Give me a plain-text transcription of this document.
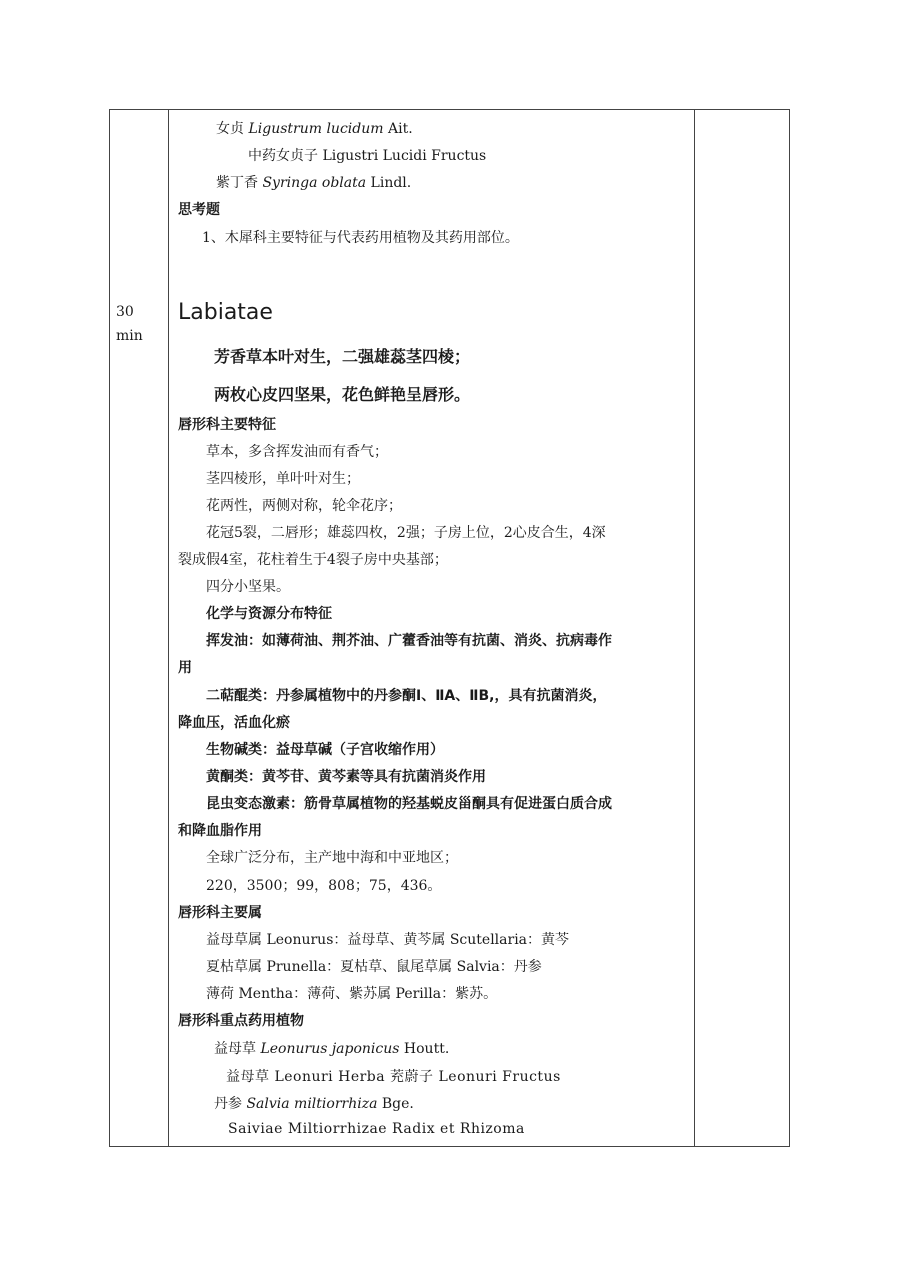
30
min
女贞 Ligustrum lucidum Ait.
中药女贞子 Ligustri Lucidi Fructus
紫丁香 Syringa oblata Lindl.
思考题
1、木犀科主要特征与代表药用植物及其药用部位。
Labiatae
芳香草本叶对生，二强雄蕊茎四棱；
两枚心皮四坚果，花色鲜艳呈唇形。
唇形科主要特征
草本，多含挥发油而有香气；
茎四棱形，单叶叶对生；
花两性，两侧对称，轮伞花序；
花冠5裂，二唇形；雄蕊四枚，2强；子房上位，2心皮合生，4深
裂成假4室，花柱着生于4裂子房中央基部；
四分小坚果。
化学与资源分布特征
挥发油：如薄荷油、荆芥油、广藿香油等有抗菌、消炎、抗病毒作
用
二萜醌类：丹参属植物中的丹参酮Ⅰ、ⅡA、ⅡB,，具有抗菌消炎，
降血压，活血化瘀
生物碱类：益母草碱（子宫收缩作用）
黄酮类：黄芩苷、黄芩素等具有抗菌消炎作用
昆虫变态激素：筋骨草属植物的羟基蜕皮甾酮具有促进蛋白质合成
和降血脂作用
全球广泛分布，主产地中海和中亚地区；
220，3500；99，808；75，436。
唇形科主要属
益母草属 Leonurus：益母草、黄芩属 Scutellaria：黄芩
夏枯草属 Prunella：夏枯草、鼠尾草属 Salvia：丹参
薄荷 Mentha：薄荷、紫苏属 Perilla：紫苏。
唇形科重点药用植物
益母草 Leonurus japonicus Houtt.
益母草 Leonuri Herba 茺蔚子 Leonuri Fructus
丹参 Salvia miltiorrhiza Bge.
Saiviae Miltiorrhizae Radix et Rhizoma
